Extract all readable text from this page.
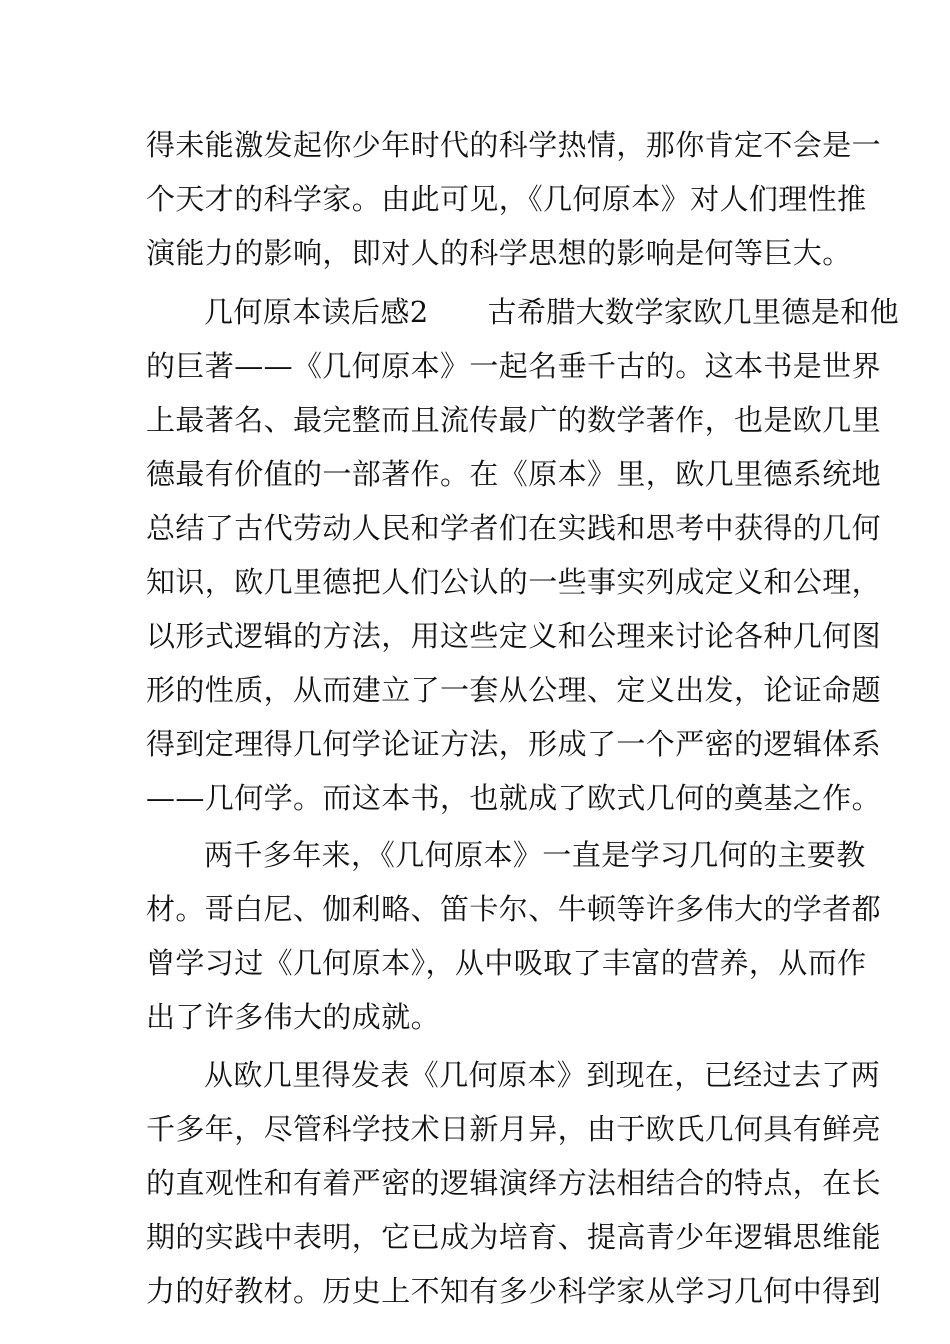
得未能激发起你少年时代的科学热情，那你肯定不会是一
个天才的科学家。由此可见，《几何原本》对人们理性推
演能力的影响，即对人的科学思想的影响是何等巨大。
几何原本读后感2　　古希腊大数学家欧几里德是和他
的巨著——《几何原本》一起名垂千古的。这本书是世界
上最著名、最完整而且流传最广的数学著作，也是欧几里
德最有价值的一部著作。在《原本》里，欧几里德系统地
总结了古代劳动人民和学者们在实践和思考中获得的几何
知识，欧几里德把人们公认的一些事实列成定义和公理，
以形式逻辑的方法，用这些定义和公理来讨论各种几何图
形的性质，从而建立了一套从公理、定义出发，论证命题
得到定理得几何学论证方法，形成了一个严密的逻辑体系
——几何学。而这本书，也就成了欧式几何的奠基之作。
两千多年来，《几何原本》一直是学习几何的主要教
材。哥白尼、伽利略、笛卡尔、牛顿等许多伟大的学者都
曾学习过《几何原本》，从中吸取了丰富的营养，从而作
出了许多伟大的成就。
从欧几里得发表《几何原本》到现在，已经过去了两
千多年，尽管科学技术日新月异，由于欧氏几何具有鲜亮
的直观性和有着严密的逻辑演绎方法相结合的特点，在长
期的实践中表明，它已成为培育、提高青少年逻辑思维能
力的好教材。历史上不知有多少科学家从学习几何中得到
